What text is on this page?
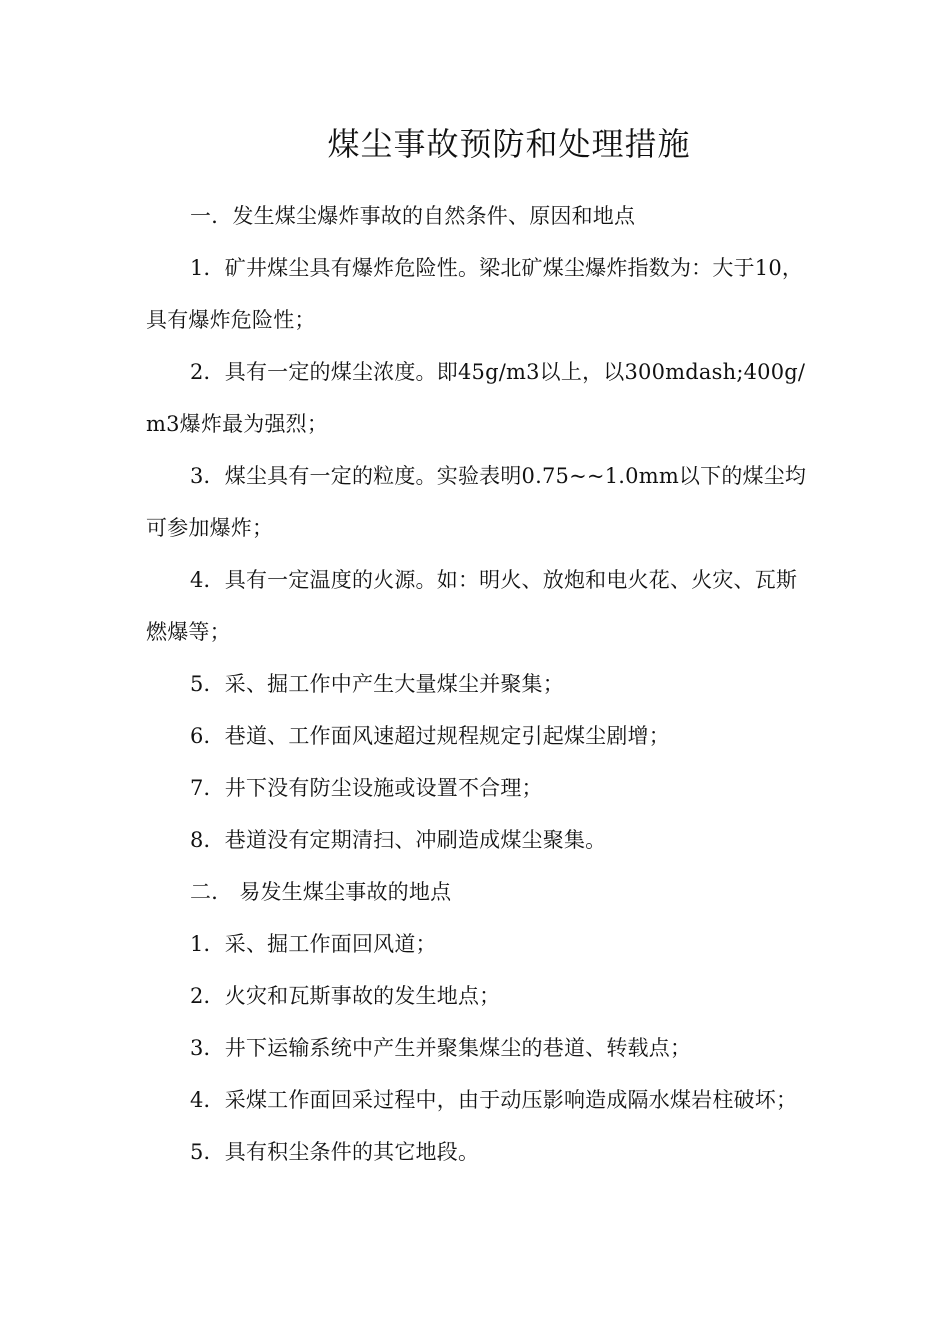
煤尘事故预防和处理措施

一．发生煤尘爆炸事故的自然条件、原因和地点

1．矿井煤尘具有爆炸危险性。梁北矿煤尘爆炸指数为：大于10，具有爆炸危险性；

2．具有一定的煤尘浓度。即45g/m3以上，以300mdash;400g/m3爆炸最为强烈；

3．煤尘具有一定的粒度。实验表明0.75~~1.0mm以下的煤尘均可参加爆炸；

4．具有一定温度的火源。如：明火、放炮和电火花、火灾、瓦斯燃爆等；

5．采、掘工作中产生大量煤尘并聚集；

6．巷道、工作面风速超过规程规定引起煤尘剧增；

7．井下没有防尘设施或设置不合理；

8．巷道没有定期清扫、冲刷造成煤尘聚集。

二． 易发生煤尘事故的地点

1．采、掘工作面回风道；

2．火灾和瓦斯事故的发生地点；

3．井下运输系统中产生并聚集煤尘的巷道、转载点；

4．采煤工作面回采过程中，由于动压影响造成隔水煤岩柱破坏；

5．具有积尘条件的其它地段。
